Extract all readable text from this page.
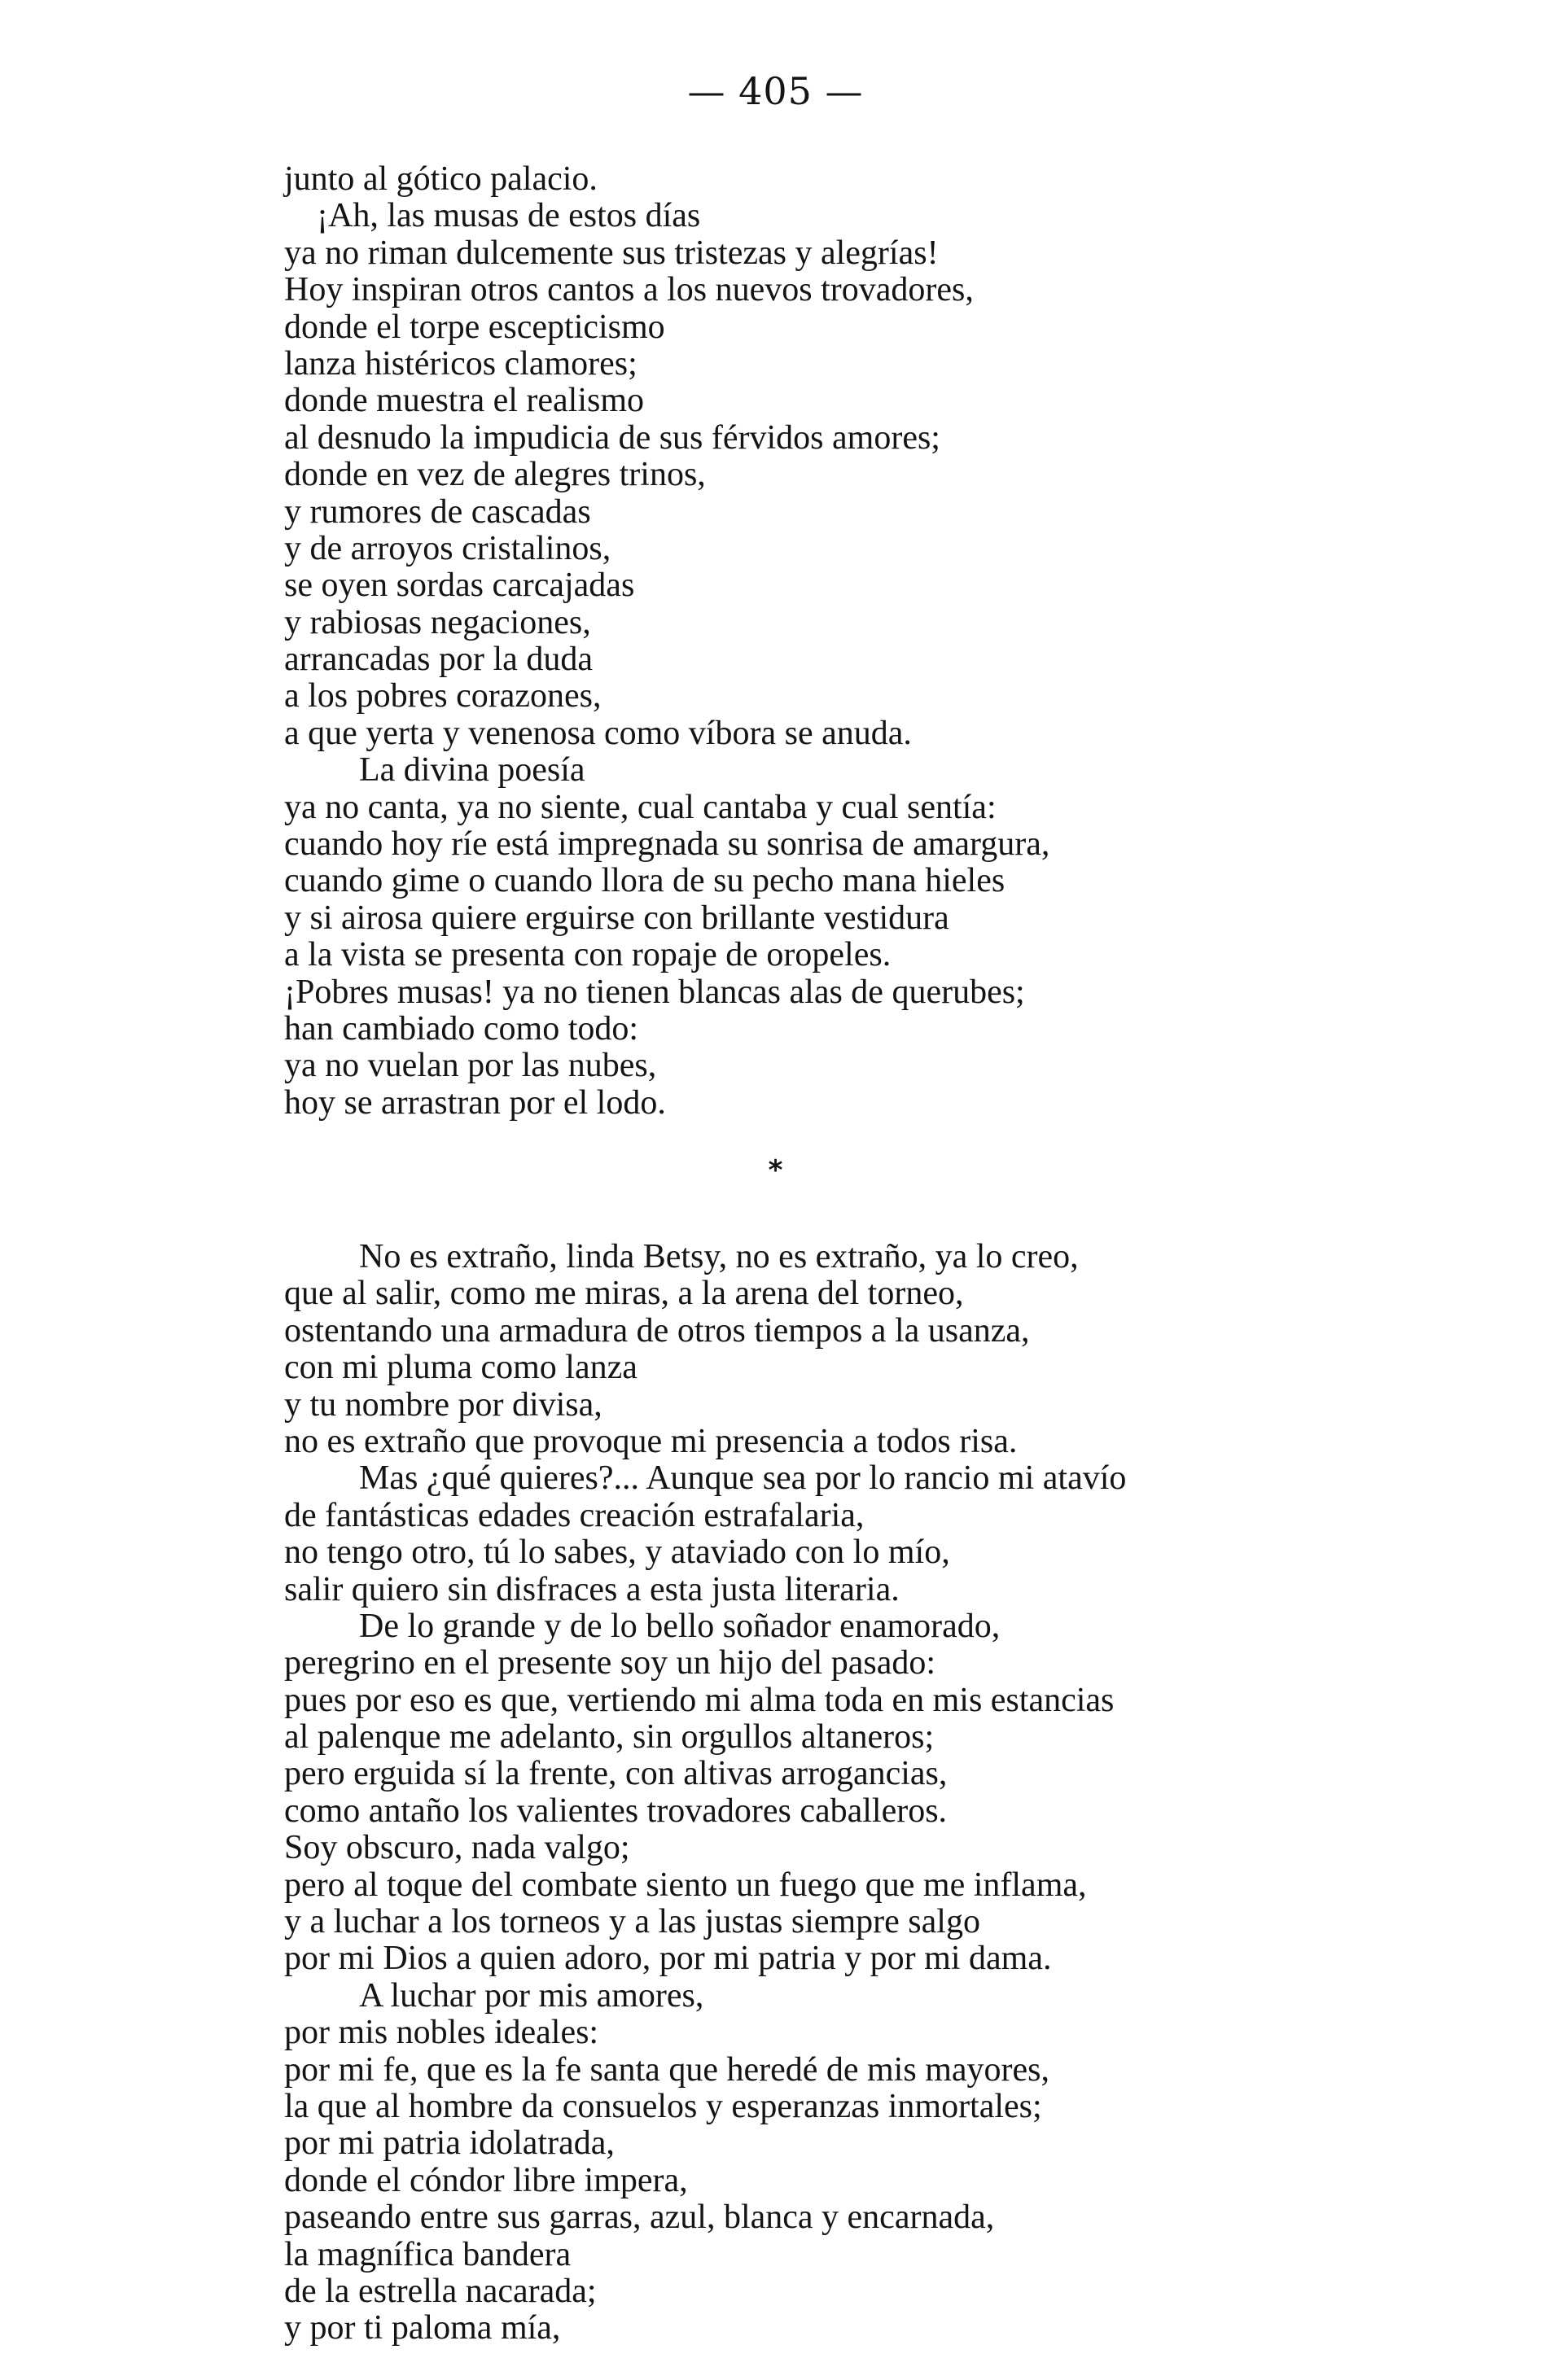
— 405 —
junto al gótico palacio.
¡Ah, las musas de estos días
ya no riman dulcemente sus tristezas y alegrías!
Hoy inspiran otros cantos a los nuevos trovadores,
donde el torpe escepticismo
lanza histéricos clamores;
donde muestra el realismo
al desnudo la impudicia de sus férvidos amores;
donde en vez de alegres trinos,
y rumores de cascadas
y de arroyos cristalinos,
se oyen sordas carcajadas
y rabiosas negaciones,
arrancadas por la duda
a los pobres corazones,
a que yerta y venenosa como víbora se anuda.
La divina poesía
ya no canta, ya no siente, cual cantaba y cual sentía:
cuando hoy ríe está impregnada su sonrisa de amargura,
cuando gime o cuando llora de su pecho mana hieles
y si airosa quiere erguirse con brillante vestidura
a la vista se presenta con ropaje de oropeles.
¡Pobres musas! ya no tienen blancas alas de querubes;
han cambiado como todo:
ya no vuelan por las nubes,
hoy se arrastran por el lodo.
*
No es extraño, linda Betsy, no es extraño, ya lo creo,
que al salir, como me miras, a la arena del torneo,
ostentando una armadura de otros tiempos a la usanza,
con mi pluma como lanza
y tu nombre por divisa,
no es extraño que provoque mi presencia a todos risa.
Mas ¿qué quieres?... Aunque sea por lo rancio mi atavío
de fantásticas edades creación estrafalaria,
no tengo otro, tú lo sabes, y ataviado con lo mío,
salir quiero sin disfraces a esta justa literaria.
De lo grande y de lo bello soñador enamorado,
peregrino en el presente soy un hijo del pasado:
pues por eso es que, vertiendo mi alma toda en mis estancias
al palenque me adelanto, sin orgullos altaneros;
pero erguida sí la frente, con altivas arrogancias,
como antaño los valientes trovadores caballeros.
Soy obscuro, nada valgo;
pero al toque del combate siento un fuego que me inflama,
y a luchar a los torneos y a las justas siempre salgo
por mi Dios a quien adoro, por mi patria y por mi dama.
A luchar por mis amores,
por mis nobles ideales:
por mi fe, que es la fe santa que heredé de mis mayores,
la que al hombre da consuelos y esperanzas inmortales;
por mi patria idolatrada,
donde el cóndor libre impera,
paseando entre sus garras, azul, blanca y encarnada,
la magnífica bandera
de la estrella nacarada;
y por ti paloma mía,
